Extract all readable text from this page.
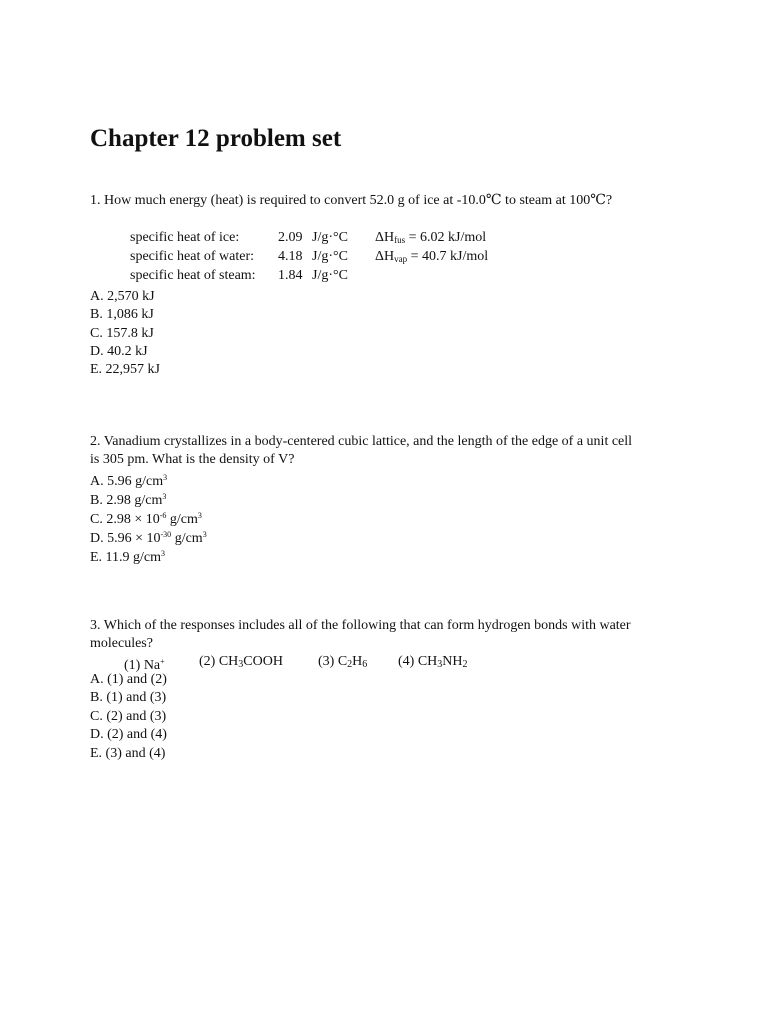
Chapter 12 problem set
1. How much energy (heat) is required to convert 52.0 g of ice at -10.0℃ to steam at 100℃?
specific heat of ice:	2.09 J/g·°C $\Delta H_{fus} = 6.02$ kJ/mol
specific heat of water: 4.18 J/g·°C $\Delta H_{vap} = 40.7$ kJ/mol
specific heat of steam: 1.84 J/g·°C
A. 2,570 kJ
B. 1,086 kJ
C. 157.8 kJ
D. 40.2 kJ
E. 22,957 kJ
2. Vanadium crystallizes in a body-centered cubic lattice, and the length of the edge of a unit cell
is 305 pm. What is the density of V?
A. 5.96 $g/cm^3$
B. 2.98 $g/cm^3$
C. $2.98 \times 10^{-6}$ $g/cm^3$
D. $5.96 \times 10^{-30}$ $g/cm^3$
E. 11.9 $g/cm^3$
3. Which of the responses includes all of the following that can form hydrogen bonds with water
molecules?
(1) Na+ (2) CH3COOH	(3) C2H6 (4) CH3NH2
A. (1) and (2)
B. (1) and (3)
C. (2) and (3)
D. (2) and (4)
E. (3) and (4)
